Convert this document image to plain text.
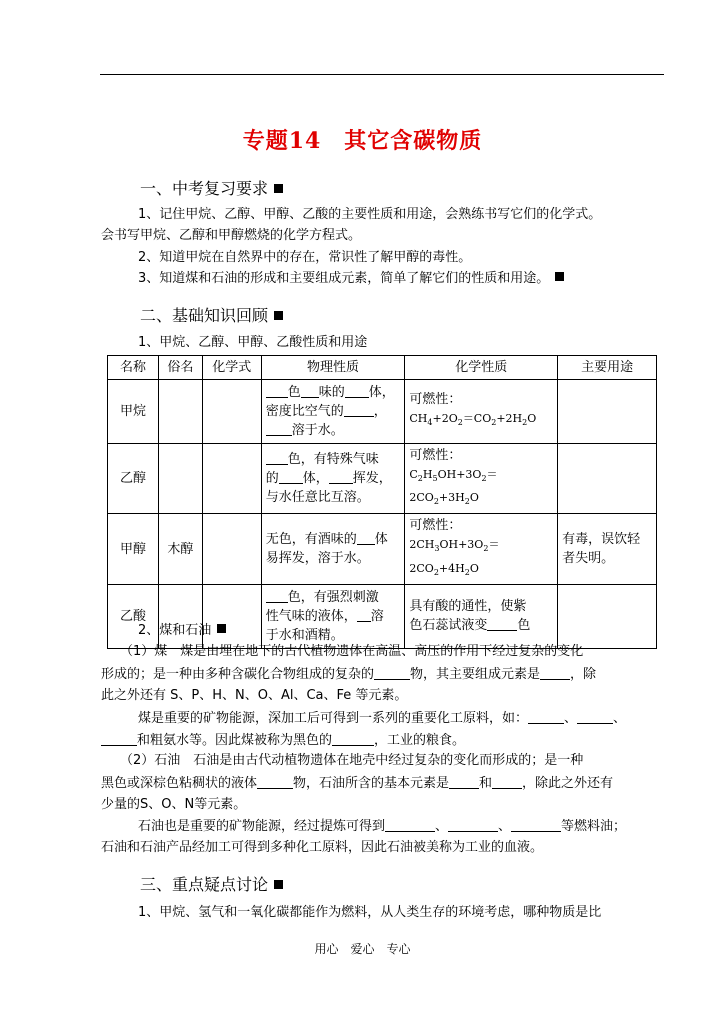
专题14　其它含碳物质
一、中考复习要求
1、记住甲烷、乙醇、甲醇、乙酸的主要性质和用途，会熟练书写它们的化学式。
会书写甲烷、乙醇和甲醇燃烧的化学方程式。
2、知道甲烷在自然界中的存在，常识性了解甲醇的毒性。
3、知道煤和石油的形成和主要组成元素，简单了解它们的性质和用途。
二、基础知识回顾
1、甲烷、乙醇、甲醇、乙酸性质和用途
名称	俗名	化学式	物理性质	化学性质	主要用途
甲烷			色 味的 体，
密度比空气的 ，
溶于水。	可燃性：
$CH_4+2O_2=CO_2+2H_2O$	
乙醇			色，有特殊气味
的 体， 挥发，
与水任意比互溶。	可燃性：
$C_2H_5OH+3O_2=2CO_2+3H_2O$	
甲醇	木醇		无色，有酒味的 体
易挥发，溶于水。	可燃性：
$2CH_3OH+3O_2=2CO_2+4H_2O$	有毒，误饮轻者失明。
乙酸			色，有强烈刺激
性气味的液体， 溶
于水和酒精。	具有酸的通性，使紫
色石蕊试液变 色	
2、煤和石油
（1）煤　煤是由埋在地下的古代植物遗体在高温、高压的作用下经过复杂的变化
形成的；是一种由多种含碳化合物组成的复杂的	物，其主要组成元素是 ，除
此之外还有 S、P、H、N、O、Al、Ca、Fe 等元素。
煤是重要的矿物能源，深加工后可得到一系列的重要化工原料，如：	、	、
和粗氨水等。因此煤被称为黑色的	，工业的粮食。
（2）石油　石油是由古代动植物遗体在地壳中经过复杂的变化而形成的；是一种
黑色或深棕色粘稠状的液体	物，石油所含的基本元素是 和 ，除此之外还有
少量的S、O、N等元素。
石油也是重要的矿物能源，经过提炼可得到	、	、	等燃料油；
石油和石油产品经加工可得到多种化工原料，因此石油被美称为工业的血液。
三、重点疑点讨论
1、甲烷、氢气和一氧化碳都能作为燃料，从人类生存的环境考虑，哪种物质是比
用心　爱心　专心
